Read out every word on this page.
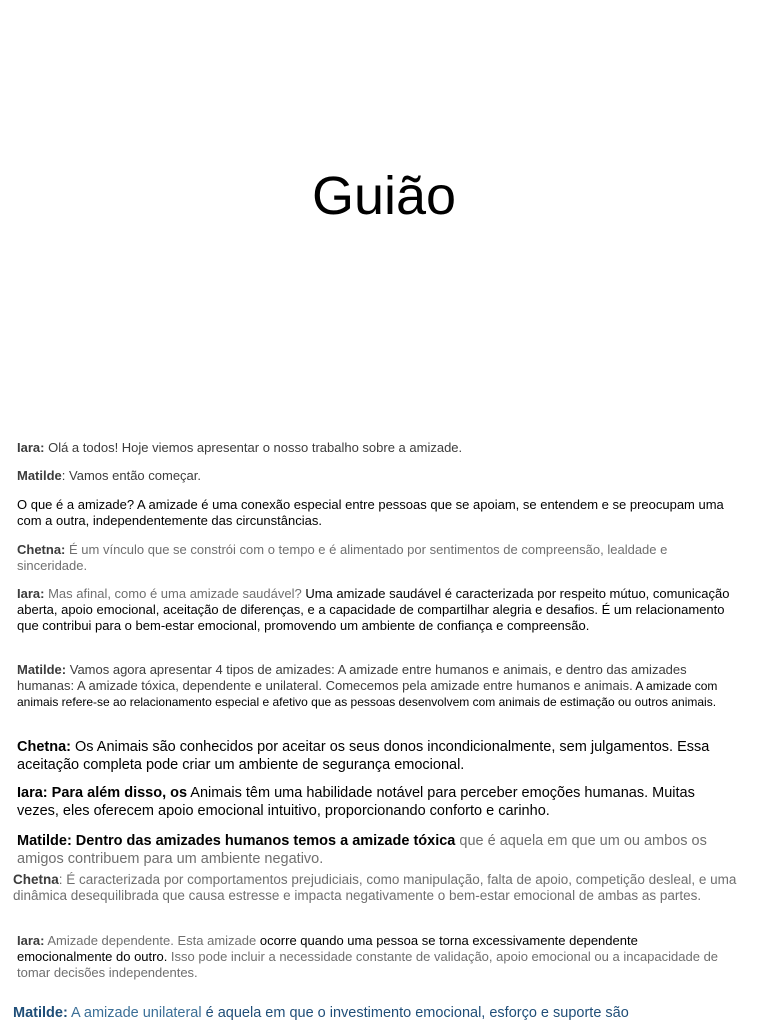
Guião

Iara: Olá a todos! Hoje viemos apresentar o nosso trabalho sobre a amizade.

Matilde: Vamos então começar.

O que é a amizade? A amizade é uma conexão especial entre pessoas que se apoiam, se entendem e se preocupam uma com a outra, independentemente das circunstâncias.

Chetna: É um vínculo que se constrói com o tempo e é alimentado por sentimentos de compreensão, lealdade e sinceridade.

Iara: Mas afinal, como é uma amizade saudável? Uma amizade saudável é caracterizada por respeito mútuo, comunicação aberta, apoio emocional, aceitação de diferenças, e a capacidade de compartilhar alegria e desafios. É um relacionamento que contribui para o bem-estar emocional, promovendo um ambiente de confiança e compreensão.

Matilde: Vamos agora apresentar 4 tipos de amizades: A amizade entre humanos e animais, e dentro das amizades humanas: A amizade tóxica, dependente e unilateral. Comecemos pela amizade entre humanos e animais. A amizade com animais refere-se ao relacionamento especial e afetivo que as pessoas desenvolvem com animais de estimação ou outros animais.

Chetna: Os Animais são conhecidos por aceitar os seus donos incondicionalmente, sem julgamentos. Essa aceitação completa pode criar um ambiente de segurança emocional.

Iara: Para além disso, os Animais têm uma habilidade notável para perceber emoções humanas. Muitas vezes, eles oferecem apoio emocional intuitivo, proporcionando conforto e carinho.

Matilde: Dentro das amizades humanos temos a amizade tóxica que é aquela em que um ou ambos os amigos contribuem para um ambiente negativo.

Chetna: É caracterizada por comportamentos prejudiciais, como manipulação, falta de apoio, competição desleal, e uma dinâmica desequilibrada que causa estresse e impacta negativamente o bem-estar emocional de ambas as partes.

Iara: Amizade dependente. Esta amizade ocorre quando uma pessoa se torna excessivamente dependente emocionalmente do outro. Isso pode incluir a necessidade constante de validação, apoio emocional ou a incapacidade de tomar decisões independentes.

Matilde: A amizade unilateral é aquela em que o investimento emocional, esforço e suporte são
